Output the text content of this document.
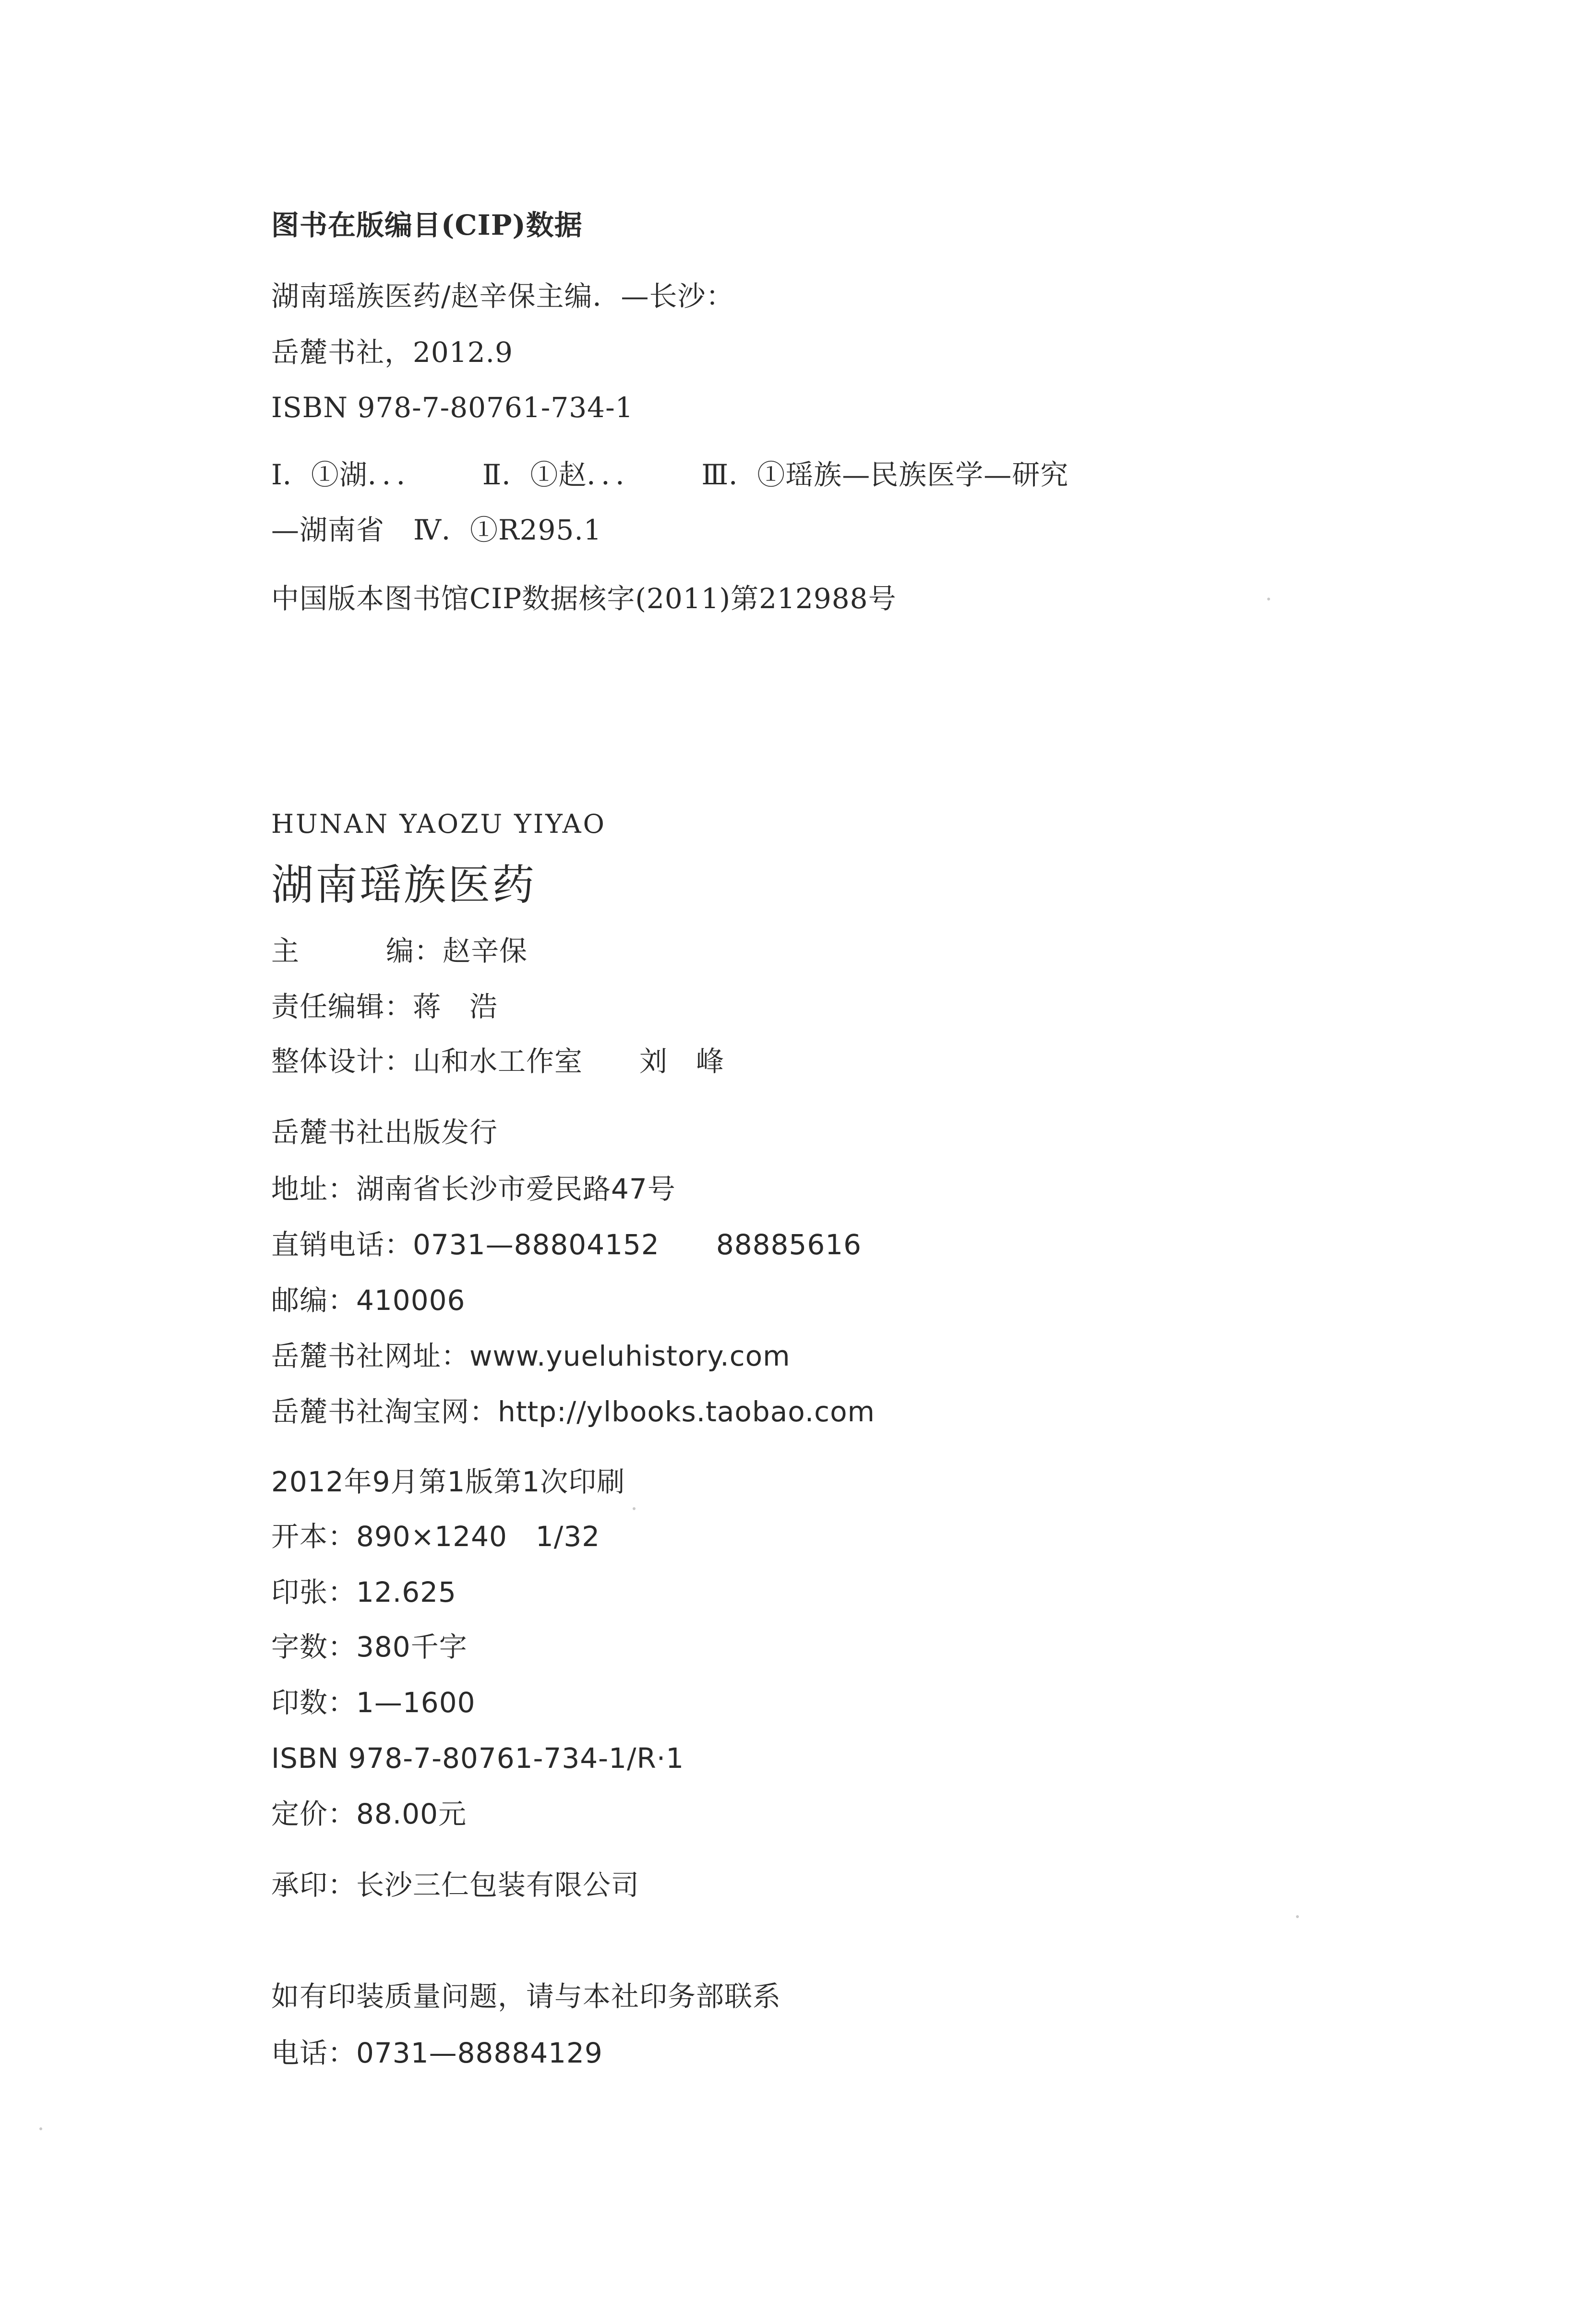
图书在版编目(CIP)数据
湖南瑶族医药/赵辛保主编．—长沙：
岳麓书社，2012.9
ISBN 978-7-80761-734-1
Ⅰ．①湖．．． Ⅱ．①赵．．． Ⅲ．①瑶族—民族医学—研究
—湖南省 Ⅳ．①R295.1
中国版本图书馆CIP数据核字(2011)第212988号
HUNAN YAOZU YIYAO
湖南瑶族医药
主	编：赵辛保
责任编辑：蒋　浩
整体设计：山和水工作室　　刘　峰
岳麓书社出版发行
地址：湖南省长沙市爱民路47号
直销电话：0731—88804152　　88885616
邮编：410006
岳麓书社网址：www.yueluhistory.com
岳麓书社淘宝网：http://ylbooks.taobao.com
2012年9月第1版第1次印刷
开本：890×1240　1/32
印张：12.625
字数：380千字
印数：1—1600
ISBN 978-7-80761-734-1/R·1
定价：88.00元
承印：长沙三仁包装有限公司
如有印装质量问题，请与本社印务部联系
电话：0731—88884129
